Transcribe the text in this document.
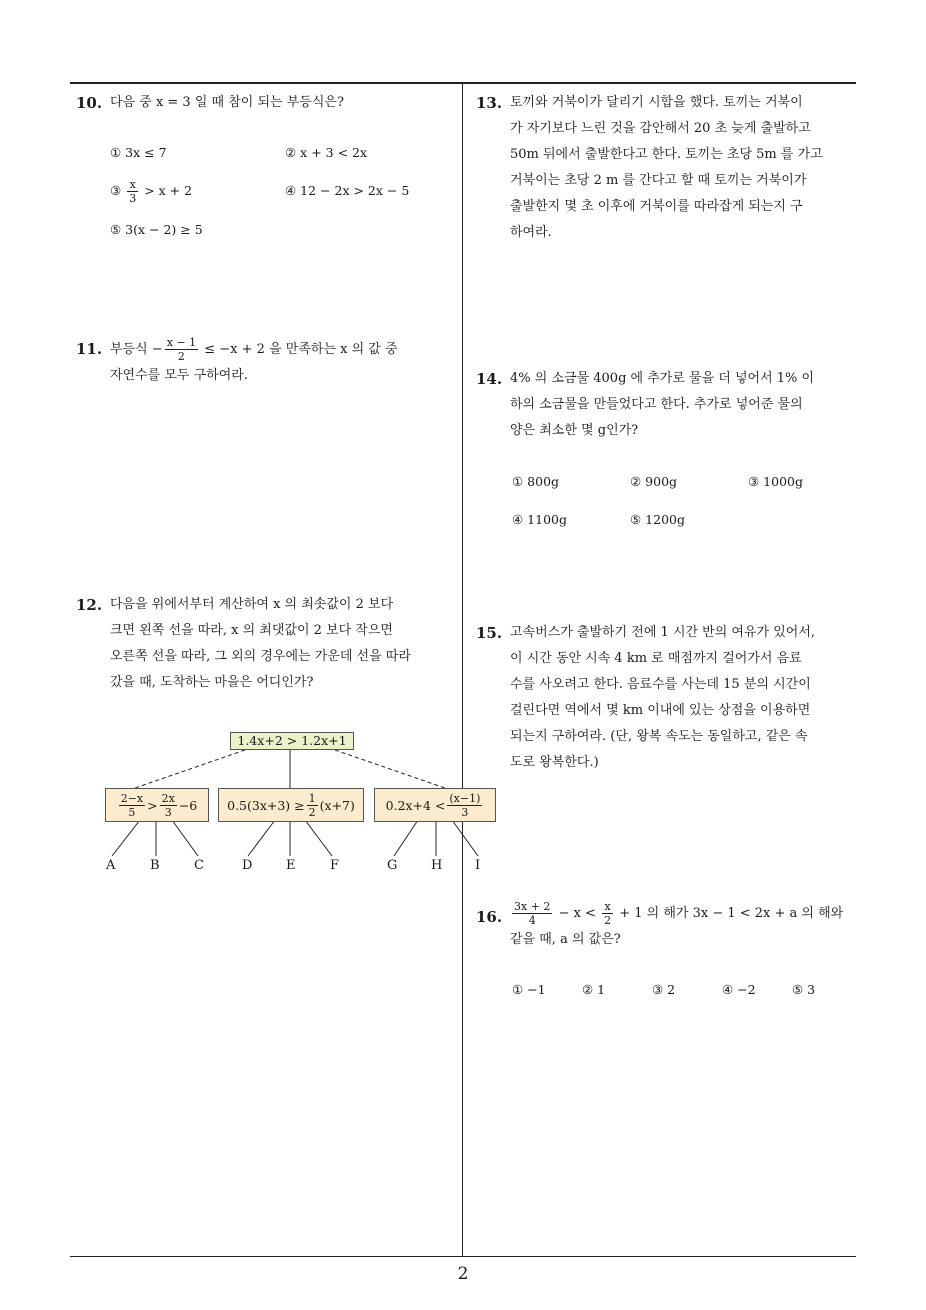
10. 다음 중 x = 3 일 때 참이 되는 부등식은?

① 3x ≤ 7	② x + 3 < 2x
③ $\frac{x}{3} > x + 2$	④ 12 − 2x > 2x − 5
⑤ 3(x − 2) ≥ 5
11. 부등식 − $\frac{x - 1}{2} \le -x + 2$ 을 만족하는 x 의 값 중

자연수를 모두 구하여라.

12. 다음을 위에서부터 계산하여 x 의 최솟값이 2 보다

크면 왼쪽 선을 따라, x 의 최댓값이 2 보다 작으면

오른쪽 선을 따라, 그 외의 경우에는 가운데 선을 따라

갔을 때, 도착하는 마을은 어디인가?

1.4x+2 > 1.2x+1
$\frac{2-x}{5} > \frac{2x}{3} -6$ $0.5(3x+3) \ge \frac{1}{2} (x+7) 0.2x+4 < \frac{(x-1)}{3}$
A	B	C	D	E	F	G	H	I
13. 토끼와 거북이가 달리기 시합을 했다. 토끼는 거북이

가 자기보다 느린 것을 감안해서 20 초 늦게 출발하고

50m 뒤에서 출발한다고 한다. 토끼는 초당 5m 를 가고

거북이는 초당 2 m 를 간다고 할 때 토끼는 거북이가

출발한지 몇 초 이후에 거북이를 따라잡게 되는지 구

하여라.

14. 4% 의 소금물 400g 에 추가로 물을 더 넣어서 1% 이

하의 소금물을 만들었다고 한다. 추가로 넣어준 물의

양은 최소한 몇 g인가?

① 800g	② 900g	③ 1000g
④ 1100g	⑤ 1200g
15. 고속버스가 출발하기 전에 1 시간 반의 여유가 있어서,

이 시간 동안 시속 4 km 로 매점까지 걸어가서 음료

수를 사오려고 한다. 음료수를 사는데 15 분의 시간이

걸린다면 역에서 몇 km 이내에 있는 상점을 이용하면

되는지 구하여라. (단, 왕복 속도는 동일하고, 같은 속

도로 왕복한다.)

16. $\frac{3x + 2}{4} - x < \frac{x}{2} + 1$ 의 해가 3x − 1 < 2x + a 의 해와

같을 때, a 의 값은?

① −1	② 1	③ 2	④ −2	⑤ 3
2
